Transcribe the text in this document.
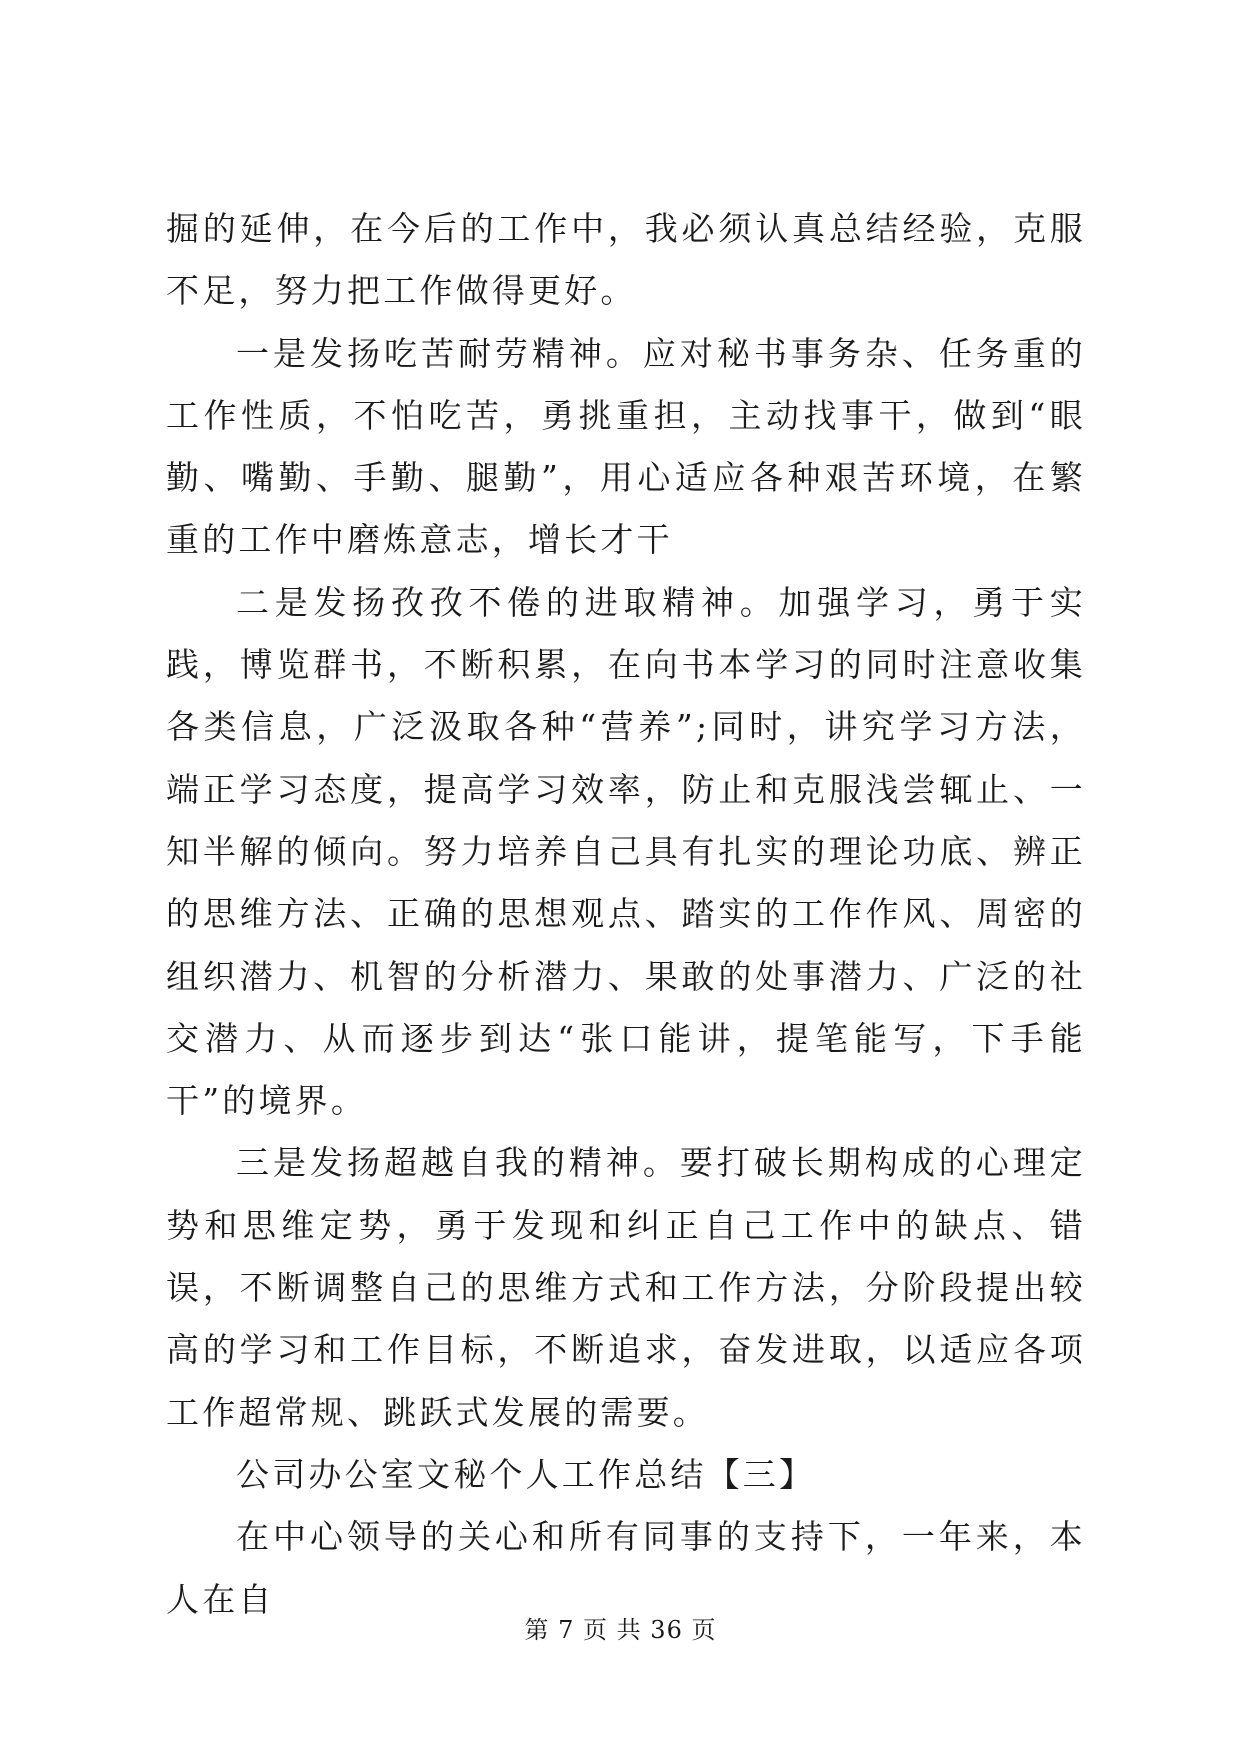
掘的延伸，在今后的工作中，我必须认真总结经验，克服不足，努力把工作做得更好。

一是发扬吃苦耐劳精神。应对秘书事务杂、任务重的工作性质，不怕吃苦，勇挑重担，主动找事干，做到“眼勤、嘴勤、手勤、腿勤”，用心适应各种艰苦环境，在繁重的工作中磨炼意志，增长才干

二是发扬孜孜不倦的进取精神。加强学习，勇于实践，博览群书，不断积累，在向书本学习的同时注意收集各类信息，广泛汲取各种“营养”;同时，讲究学习方法，端正学习态度，提高学习效率，防止和克服浅尝辄止、一知半解的倾向。努力培养自己具有扎实的理论功底、辨正的思维方法、正确的思想观点、踏实的工作作风、周密的组织潜力、机智的分析潜力、果敢的处事潜力、广泛的社交潜力、从而逐步到达“张口能讲，提笔能写，下手能干”的境界。

三是发扬超越自我的精神。要打破长期构成的心理定势和思维定势，勇于发现和纠正自己工作中的缺点、错误，不断调整自己的思维方式和工作方法，分阶段提出较高的学习和工作目标，不断追求，奋发进取，以适应各项工作超常规、跳跃式发展的需要。

公司办公室文秘个人工作总结【三】

在中心领导的关心和所有同事的支持下，一年来，本人在自

第 7 页 共 36 页
